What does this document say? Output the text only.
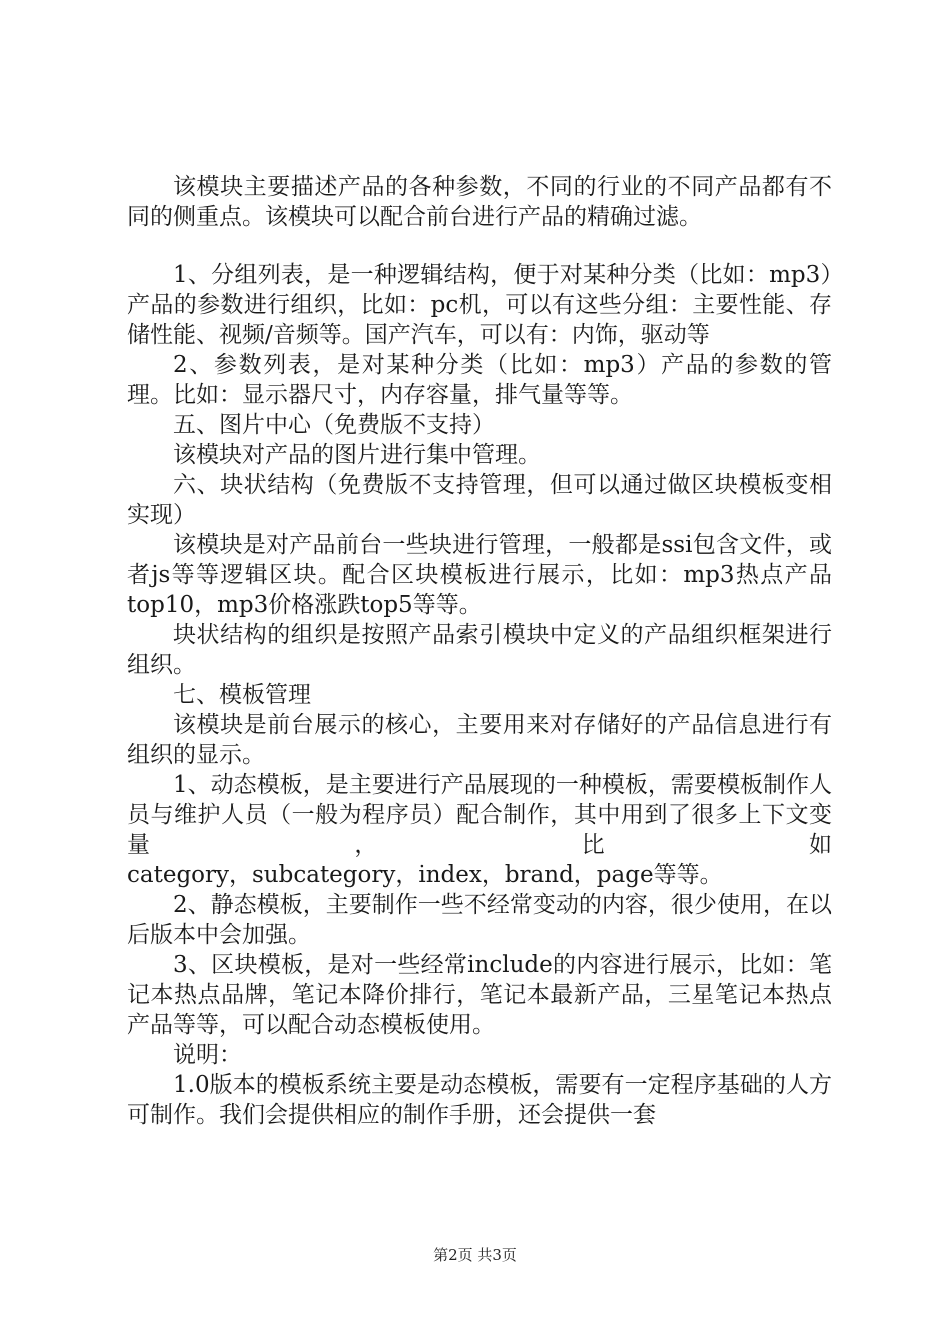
该模块主要描述产品的各种参数，不同的行业的不同产品都有不同的侧重点。该模块可以配合前台进行产品的精确过滤。

1、分组列表，是一种逻辑结构，便于对某种分类（比如：mp3）产品的参数进行组织，比如：pc机，可以有这些分组：主要性能、存储性能、视频/音频等。国产汽车，可以有：内饰，驱动等

2、参数列表，是对某种分类（比如：mp3）产品的参数的管理。比如：显示器尺寸，内存容量，排气量等等。

五、图片中心（免费版不支持）

该模块对产品的图片进行集中管理。

六、块状结构（免费版不支持管理，但可以通过做区块模板变相实现）

该模块是对产品前台一些块进行管理，一般都是ssi包含文件，或者js等等逻辑区块。配合区块模板进行展示，比如：mp3热点产品top10，mp3价格涨跌top5等等。

块状结构的组织是按照产品索引模块中定义的产品组织框架进行组织。

七、模板管理

该模块是前台展示的核心，主要用来对存储好的产品信息进行有组织的显示。

1、动态模板，是主要进行产品展现的一种模板，需要模板制作人员与维护人员（一般为程序员）配合制作，其中用到了很多上下文变量，比如

category，subcategory，index，brand，page等等。

2、静态模板，主要制作一些不经常变动的内容，很少使用，在以后版本中会加强。

3、区块模板，是对一些经常include的内容进行展示，比如：笔记本热点品牌，笔记本降价排行，笔记本最新产品，三星笔记本热点产品等等，可以配合动态模板使用。

说明：

1.0版本的模板系统主要是动态模板，需要有一定程序基础的人方可制作。我们会提供相应的制作手册，还会提供一套

第2页 共3页
